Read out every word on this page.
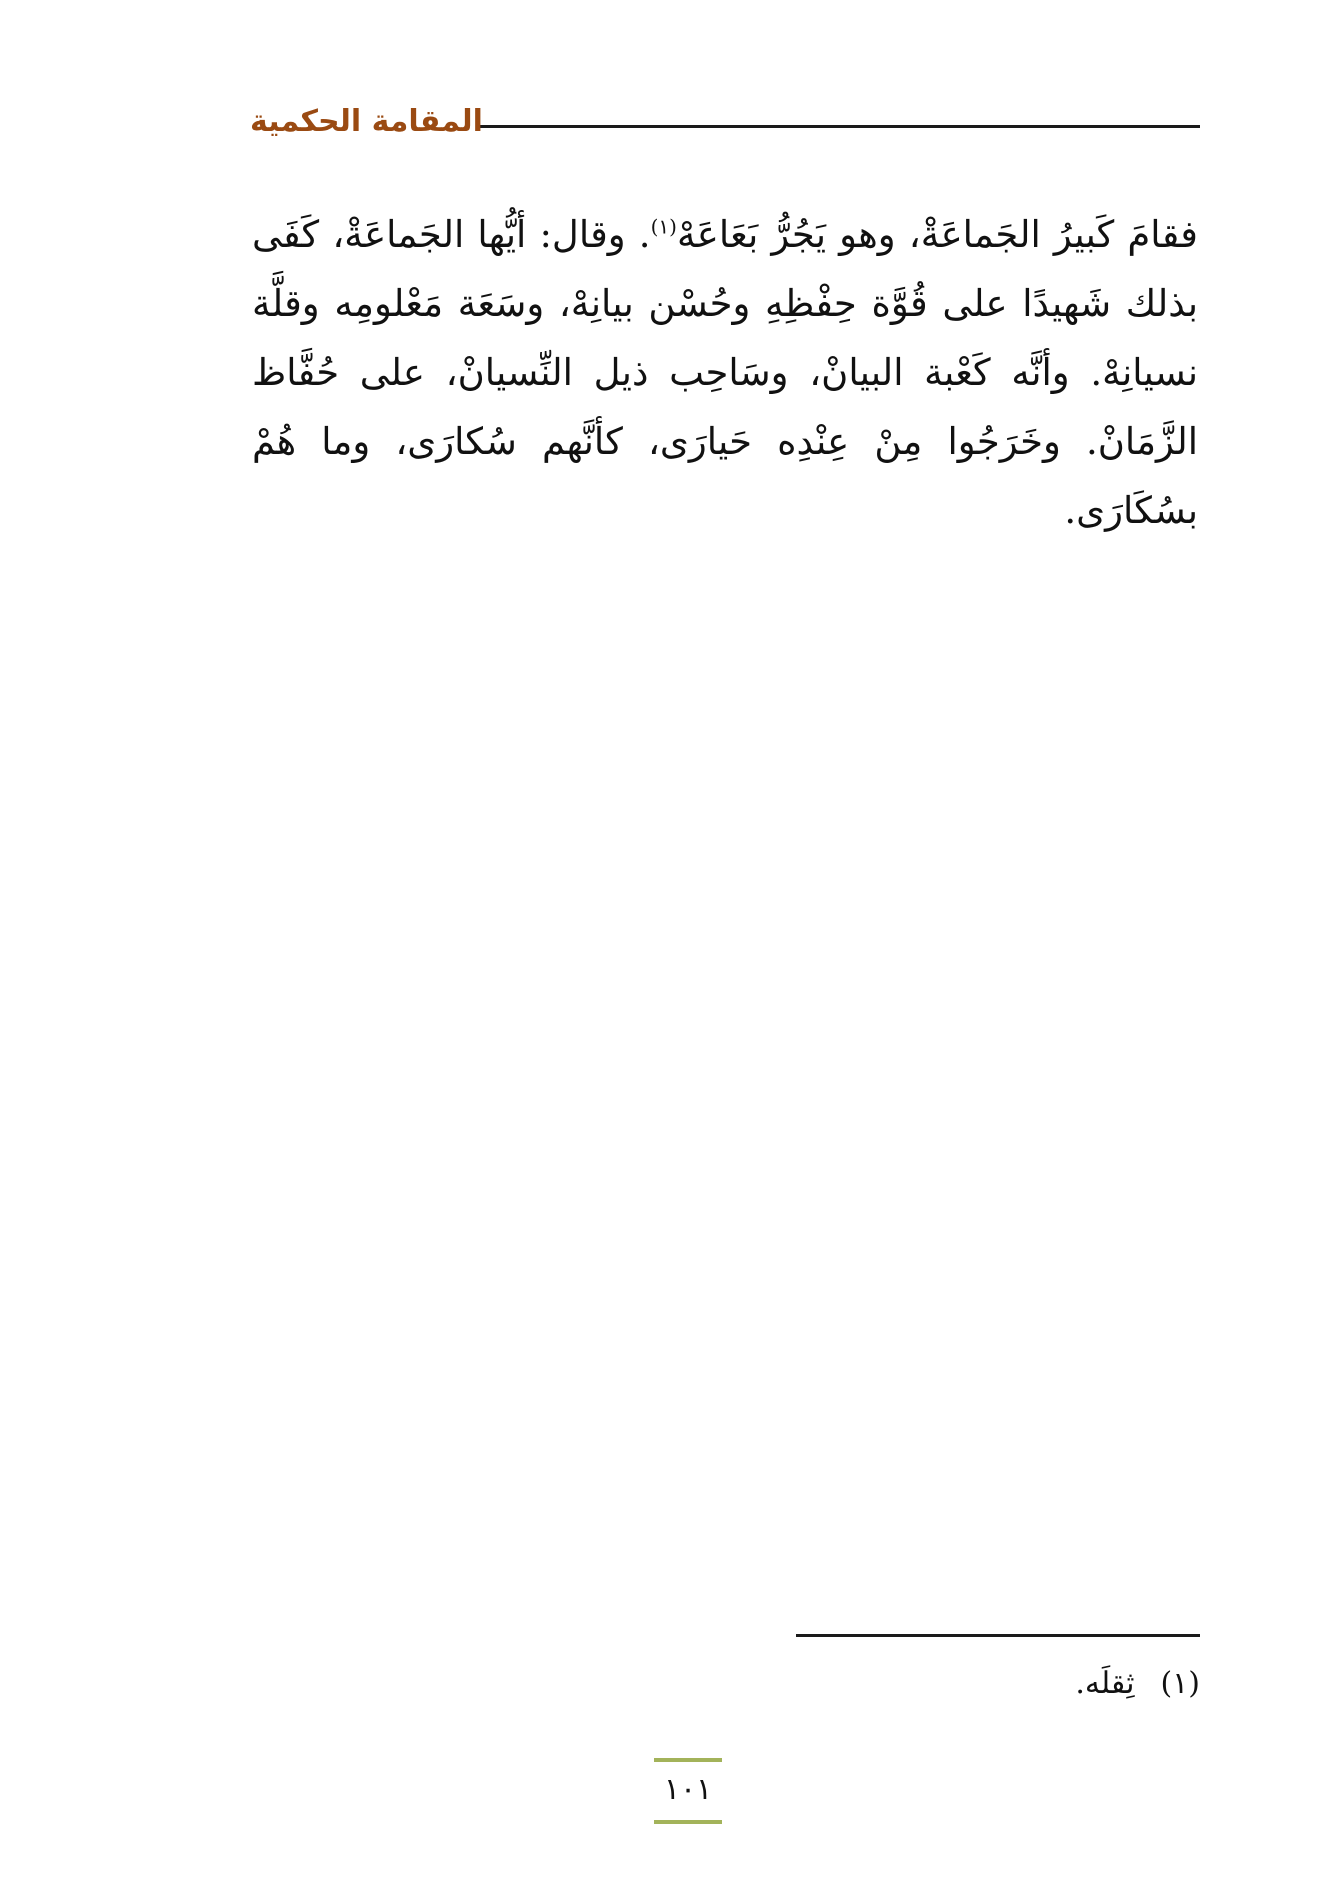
المقامة الحكمية
فقامَ كَبيرُ الجَماعَةْ، وهو يَجُرُّ بَعَاعَهْ$^{(١)}$. وقال: أيُّها الجَماعَةْ، كَفَى بذلك شَهيدًا على قُوَّة حِفْظِهِ وحُسْن بيانِهْ، وسَعَة مَعْلومِه وقلَّة نسيانِهْ. وأنَّه كَعْبة البيانْ، وسَاحِب ذيل النِّسيانْ، على حُفَّاظ الزَّمَانْ. وخَرَجُوا مِنْ عِنْدِه حَيارَى، كأنَّهم سُكارَى، وما هُمْ بسُكَارَى.
(١)ثِقلَه.
١٠١
